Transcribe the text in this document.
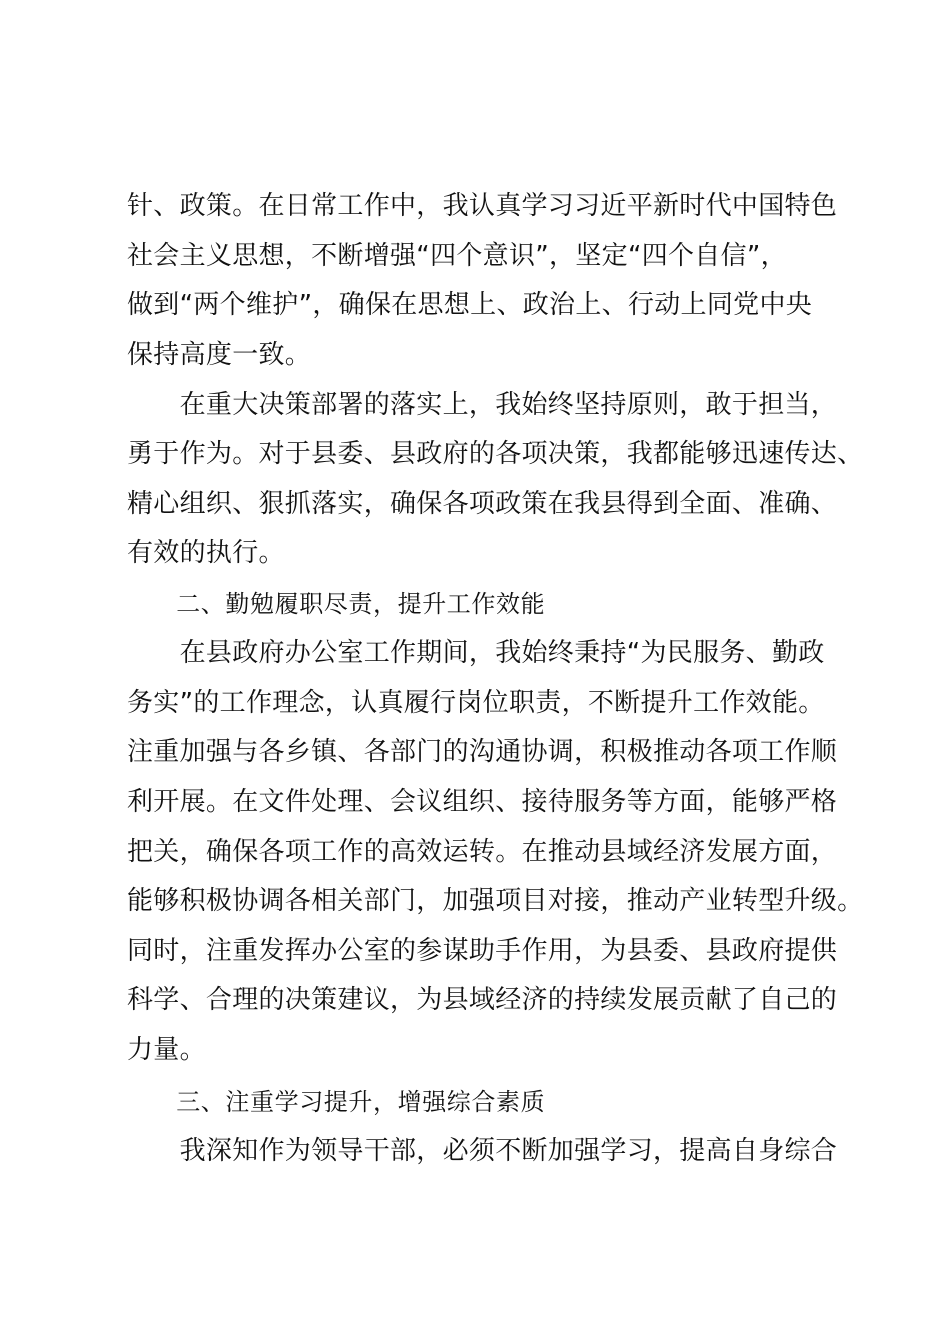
针、政策。在日常工作中，我认真学习习近平新时代中国特色
社会主义思想，不断增强“四个意识”，坚定“四个自信”，
做到“两个维护”，确保在思想上、政治上、行动上同党中央
保持高度一致。
　　在重大决策部署的落实上，我始终坚持原则，敢于担当，
勇于作为。对于县委、县政府的各项决策，我都能够迅速传达、
精心组织、狠抓落实，确保各项政策在我县得到全面、准确、
有效的执行。
　　二、勤勉履职尽责，提升工作效能
　　在县政府办公室工作期间，我始终秉持“为民服务、勤政
务实”的工作理念，认真履行岗位职责，不断提升工作效能。
注重加强与各乡镇、各部门的沟通协调，积极推动各项工作顺
利开展。在文件处理、会议组织、接待服务等方面，能够严格
把关，确保各项工作的高效运转。在推动县域经济发展方面，
能够积极协调各相关部门，加强项目对接，推动产业转型升级。
同时，注重发挥办公室的参谋助手作用，为县委、县政府提供
科学、合理的决策建议，为县域经济的持续发展贡献了自己的
力量。
　　三、注重学习提升，增强综合素质
　　我深知作为领导干部，必须不断加强学习，提高自身综合
